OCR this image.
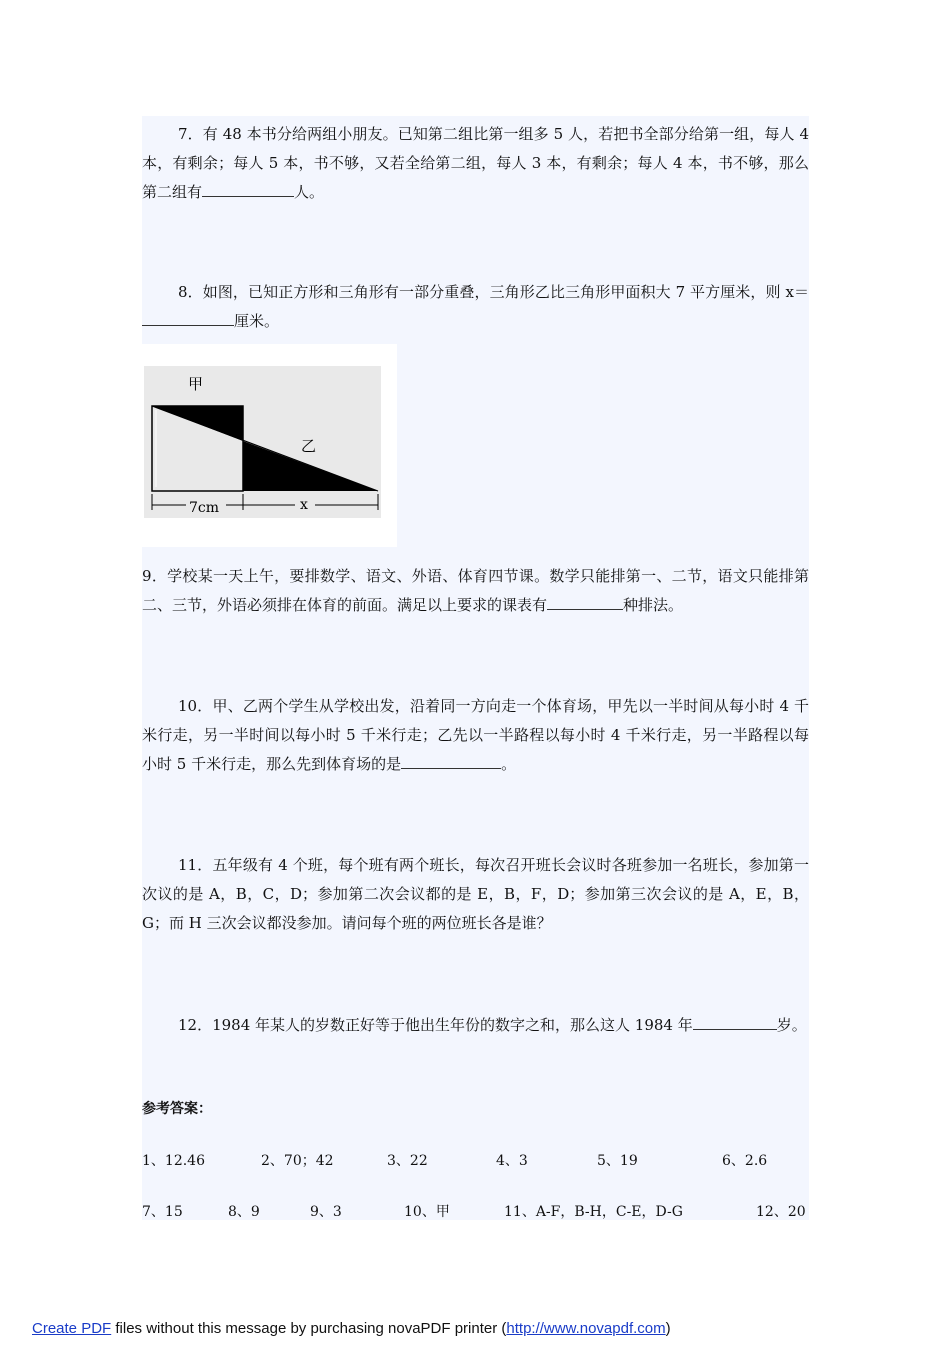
7．有 48 本书分给两组小朋友。已知第二组比第一组多 5 人，若把书全部分给第一组，每人 4 本，有剩余；每人 5 本，书不够，又若全给第二组，每人 3 本，有剩余；每人 4 本，书不够，那么第二组有	人。

8．如图，已知正方形和三角形有一部分重叠，三角形乙比三角形甲面积大 7 平方厘米，则 x＝厘米。

甲
乙
7cm	x

9．学校某一天上午，要排数学、语文、外语、体育四节课。数学只能排第一、二节，语文只能排第二、三节，外语必须排在体育的前面。满足以上要求的课表有	种排法。

10．甲、乙两个学生从学校出发，沿着同一方向走一个体育场，甲先以一半时间从每小时 4 千米行走，另一半时间以每小时 5 千米行走；乙先以一半路程以每小时 4 千米行走，另一半路程以每小时 5 千米行走，那么先到体育场的是	。

11．五年级有 4 个班，每个班有两个班长，每次召开班长会议时各班参加一名班长，参加第一次议的是 A，B，C，D；参加第二次会议都的是 E，B，F，D；参加第三次会议的是 A，E，B，G；而 H 三次会议都没参加。请问每个班的两位班长各是谁？

12．1984 年某人的岁数正好等于他出生年份的数字之和，那么这人 1984 年	岁。

参考答案：
1、12.46	2、70；42	3、22	4、3	5、19	6、2.6
7、15	8、9	9、3	10、甲	11、A-F，B-H，C-E，D-G	12、20
Create PDF files without this message by purchasing novaPDF printer (http://www.novapdf.com)
